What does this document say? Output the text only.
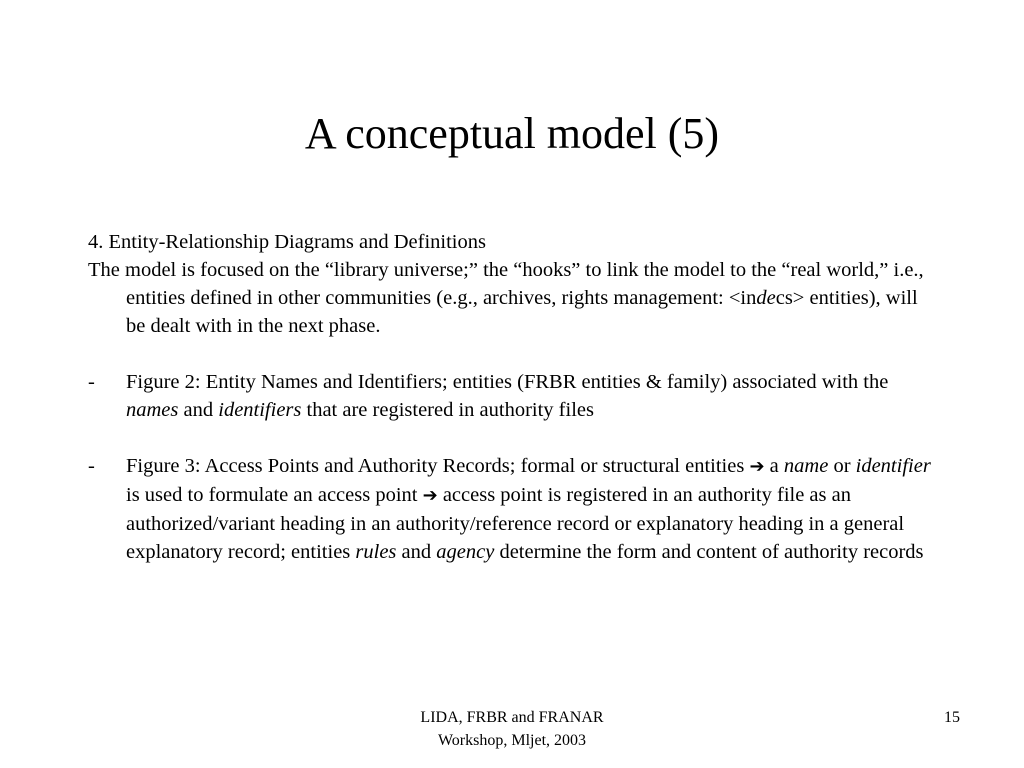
A conceptual model (5)

4. Entity-Relationship Diagrams and Definitions

The model is focused on the “library universe;” the “hooks” to link the model to the “real world,” i.e., entities defined in other communities (e.g., archives, rights management: <indecs> entities), will be dealt with in the next phase.

-	Figure 2: Entity Names and Identifiers; entities (FRBR entities & family) associated with the names and identifiers that are registered in authority files
-	Figure 3: Access Points and Authority Records; formal or structural entities ➔ a name or identifier is used to formulate an access point ➔ access point is registered in an authority file as an authorized/variant heading in an authority/reference record or explanatory heading in a general explanatory record; entities rules and agency determine the form and content of authority records
LIDA, FRBR and FRANAR
Workshop, Mljet, 2003
15
